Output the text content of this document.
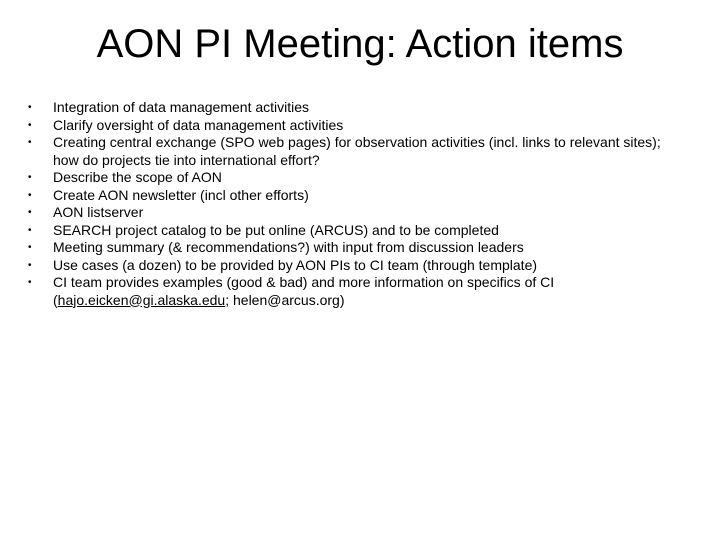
AON PI Meeting: Action items
• Integration of data management activities
• Clarify oversight of data management activities
• Creating central exchange (SPO web pages) for observation activities (incl. links to relevant sites); how do projects tie into international effort?
• Describe the scope of AON
• Create AON newsletter (incl other efforts)
• AON listserver
• SEARCH project catalog to be put online (ARCUS) and to be completed
• Meeting summary (& recommendations?) with input from discussion leaders
• Use cases (a dozen) to be provided by AON PIs to CI team (through template)
• CI team provides examples (good & bad) and more information on specifics of CI (hajo.eicken@gi.alaska.edu; helen@arcus.org)
